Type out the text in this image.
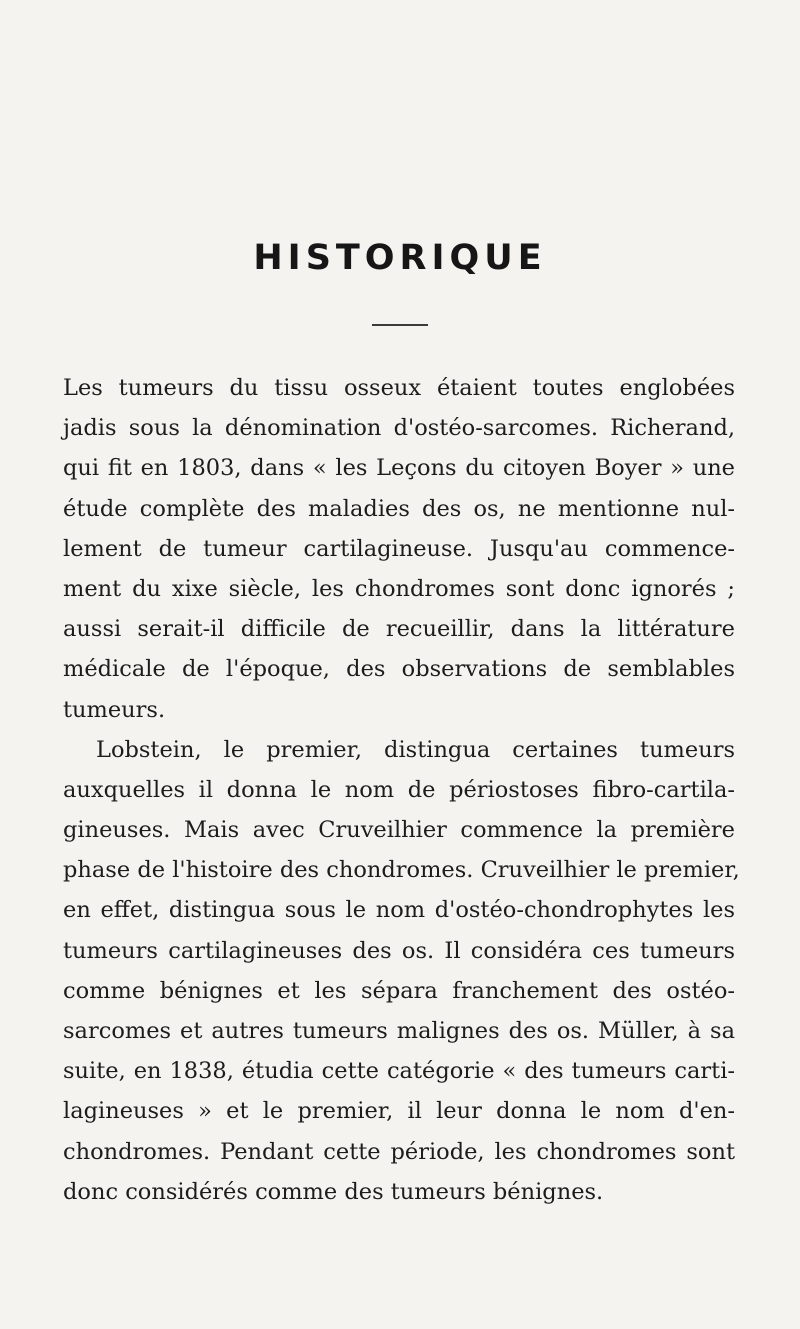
HISTORIQUE
Les tumeurs du tissu osseux étaient toutes englobées
jadis sous la dénomination d'ostéo-sarcomes. Richerand,
qui fit en 1803, dans « les Leçons du citoyen Boyer » une
étude complète des maladies des os, ne mentionne nul-
lement de tumeur cartilagineuse. Jusqu'au commence-
ment du xixe siècle, les chondromes sont donc ignorés ;
aussi serait-il difficile de recueillir, dans la littérature
médicale de l'époque, des observations de semblables
tumeurs.
Lobstein, le premier, distingua certaines tumeurs
auxquelles il donna le nom de périostoses fibro-cartila-
gineuses. Mais avec Cruveilhier commence la première
phase de l'histoire des chondromes. Cruveilhier le premier,
en effet, distingua sous le nom d'ostéo-chondrophytes les
tumeurs cartilagineuses des os. Il considéra ces tumeurs
comme bénignes et les sépara franchement des ostéo-
sarcomes et autres tumeurs malignes des os. Müller, à sa
suite, en 1838, étudia cette catégorie « des tumeurs carti-
lagineuses » et le premier, il leur donna le nom d'en-
chondromes. Pendant cette période, les chondromes sont
donc considérés comme des tumeurs bénignes.
